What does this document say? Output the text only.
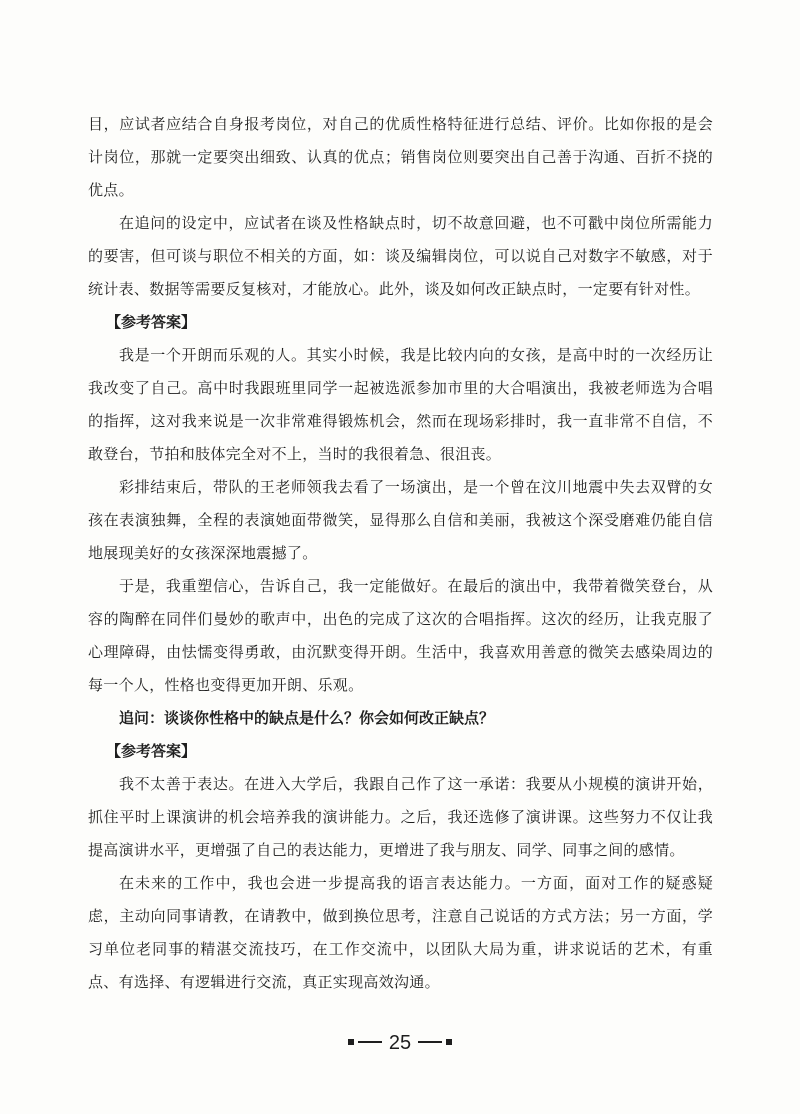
目，应试者应结合自身报考岗位，对自己的优质性格特征进行总结、评价。比如你报的是会计岗位，那就一定要突出细致、认真的优点；销售岗位则要突出自己善于沟通、百折不挠的优点。

在追问的设定中，应试者在谈及性格缺点时，切不故意回避，也不可戳中岗位所需能力的要害，但可谈与职位不相关的方面，如：谈及编辑岗位，可以说自己对数字不敏感，对于统计表、数据等需要反复核对，才能放心。此外，谈及如何改正缺点时，一定要有针对性。

【参考答案】

我是一个开朗而乐观的人。其实小时候，我是比较内向的女孩，是高中时的一次经历让我改变了自己。高中时我跟班里同学一起被选派参加市里的大合唱演出，我被老师选为合唱的指挥，这对我来说是一次非常难得锻炼机会，然而在现场彩排时，我一直非常不自信，不敢登台，节拍和肢体完全对不上，当时的我很着急、很沮丧。

彩排结束后，带队的王老师领我去看了一场演出，是一个曾在汶川地震中失去双臂的女孩在表演独舞，全程的表演她面带微笑，显得那么自信和美丽，我被这个深受磨难仍能自信地展现美好的女孩深深地震撼了。

于是，我重塑信心，告诉自己，我一定能做好。在最后的演出中，我带着微笑登台，从容的陶醉在同伴们曼妙的歌声中，出色的完成了这次的合唱指挥。这次的经历，让我克服了心理障碍，由怯懦变得勇敢，由沉默变得开朗。生活中，我喜欢用善意的微笑去感染周边的每一个人，性格也变得更加开朗、乐观。

追问：谈谈你性格中的缺点是什么？你会如何改正缺点？

【参考答案】

我不太善于表达。在进入大学后，我跟自己作了这一承诺：我要从小规模的演讲开始，抓住平时上课演讲的机会培养我的演讲能力。之后，我还选修了演讲课。这些努力不仅让我提高演讲水平，更增强了自己的表达能力，更增进了我与朋友、同学、同事之间的感情。

在未来的工作中，我也会进一步提高我的语言表达能力。一方面，面对工作的疑惑疑虑，主动向同事请教，在请教中，做到换位思考，注意自己说话的方式方法；另一方面，学习单位老同事的精湛交流技巧，在工作交流中，以团队大局为重，讲求说话的艺术，有重点、有选择、有逻辑进行交流，真正实现高效沟通。

25
